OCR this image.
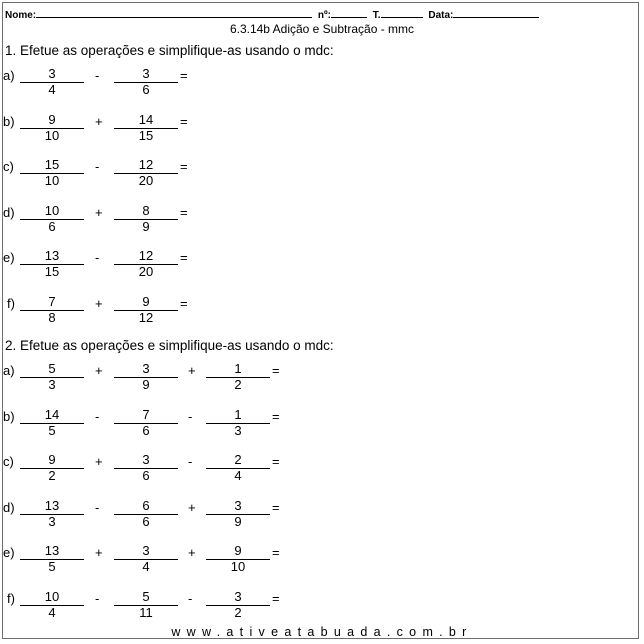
Nome:	nº:	T.	Data:
6.3.14b Adição e Subtração - mmc
1. Efetue as operações e simplifique-as usando o mdc:
a)
$\frac{3}{4}$
$\frac{3}{6}$
-	=
b)
$\frac{9}{10}$
$\frac{14}{15}$
+	=
c)
$\frac{15}{10}$
$\frac{12}{20}$
-	=
d)
$\frac{10}{6}$
$\frac{8}{9}$
+	=
e)
$\frac{13}{15}$
$\frac{12}{20}$
-	=
f)
$\frac{7}{8}$
$\frac{9}{12}$
+	=
2. Efetue as operações e simplifique-as usando o mdc:
a)
$\frac{5}{3}$
$\frac{3}{9}$
$\frac{1}{2}$
+	+	=
b)
$\frac{14}{5}$
$\frac{7}{6}$
$\frac{1}{3}$
-	-	=
c)
$\frac{9}{2}$
$\frac{3}{6}$
$\frac{2}{4}$
+	-	=
d)
$\frac{13}{3}$
$\frac{6}{6}$
$\frac{3}{9}$
-	+	=
e)
$\frac{13}{5}$
$\frac{3}{4}$
$\frac{9}{10}$
+	+	=
f)
$\frac{10}{4}$
$\frac{5}{11}$
$\frac{3}{2}$
-	-	=
www.ativeatabuada.com.br
